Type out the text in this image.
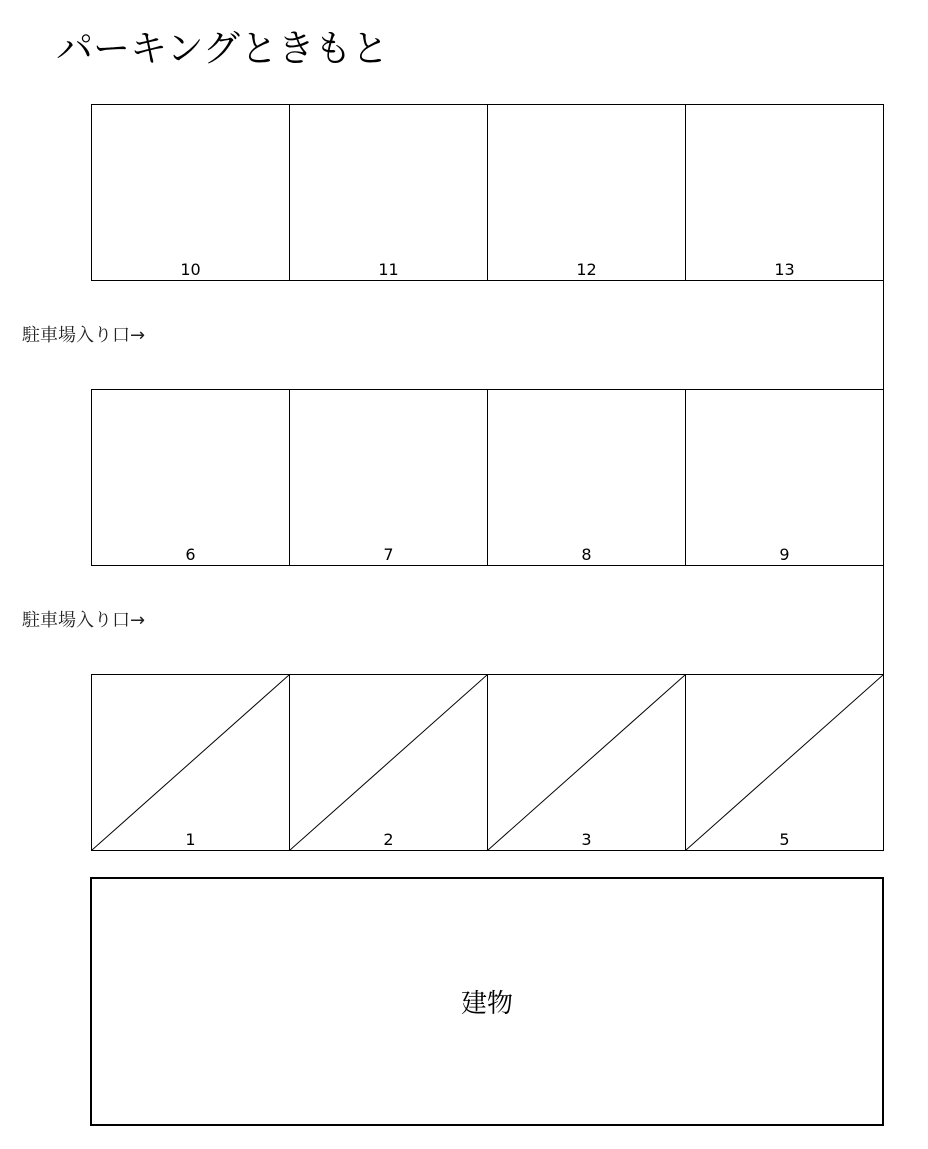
パーキングときもと
10	11	12	13
駐車場入り口→
6	7	8	9
駐車場入り口→
1	2	3	5
建物
